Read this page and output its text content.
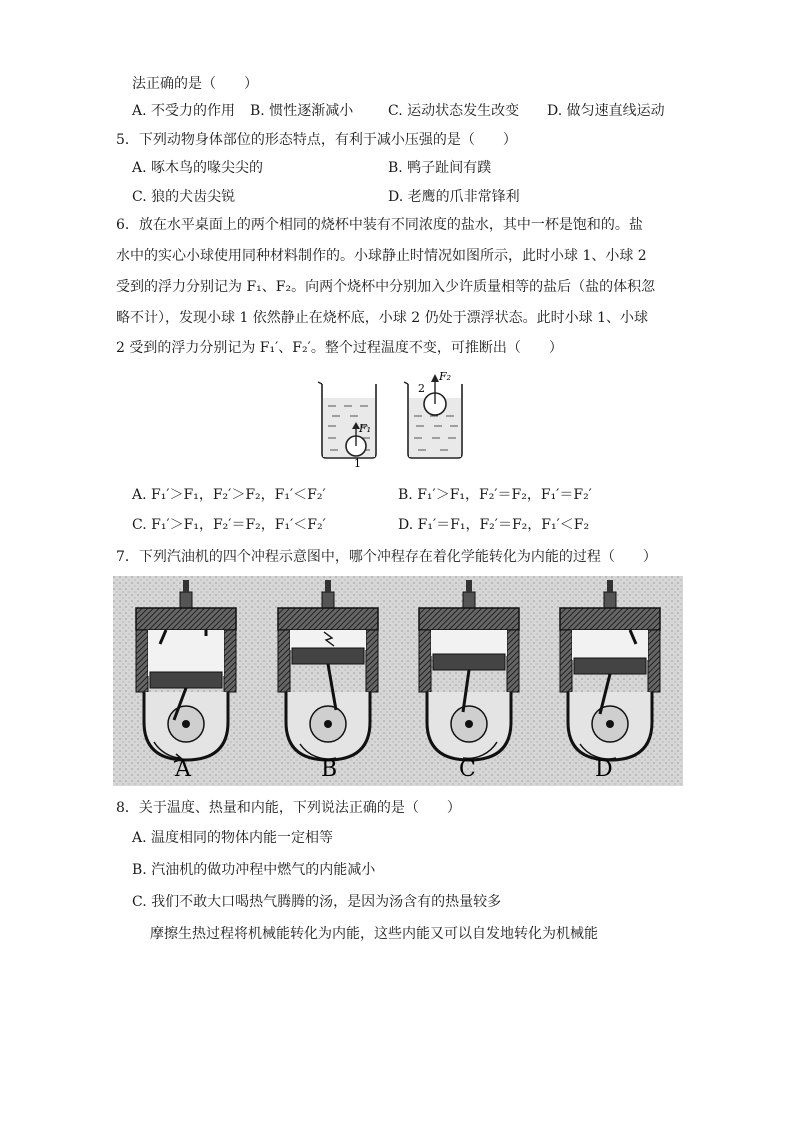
法正确的是（　　）
A. 不受力的作用 B. 惯性逐渐减小 C. 运动状态发生改变 D. 做匀速直线运动
5．下列动物身体部位的形态特点，有利于减小压强的是（　　）
A. 啄木鸟的喙尖尖的	B. 鸭子趾间有蹼
C. 狼的犬齿尖锐	D. 老鹰的爪非常锋利
6．放在水平桌面上的两个相同的烧杯中装有不同浓度的盐水，其中一杯是饱和的。盐
水中的实心小球使用同种材料制作的。小球静止时情况如图所示，此时小球 1、小球 2
受到的浮力分别记为 F₁、F₂。向两个烧杯中分别加入少许质量相等的盐后（盐的体积忽
略不计），发现小球 1 依然静止在烧杯底，小球 2 仍处于漂浮状态。此时小球 1、小球
2 受到的浮力分别记为 F₁′、F₂′。整个过程温度不变，可推断出（　　）
F₁
1
F₂
2
A. F₁′＞F₁，F₂′＞F₂，F₁′＜F₂′	B. F₁′＞F₁，F₂′＝F₂，F₁′＝F₂′
C. F₁′＞F₁，F₂′＝F₂，F₁′＜F₂′	D. F₁′＝F₁，F₂′＝F₂，F₁′＜F₂
7．下列汽油机的四个冲程示意图中，哪个冲程存在着化学能转化为内能的过程（　　）
A	B	C	D
8．关于温度、热量和内能，下列说法正确的是（　　）
A. 温度相同的物体内能一定相等
B. 汽油机的做功冲程中燃气的内能减小
C. 我们不敢大口喝热气腾腾的汤，是因为汤含有的热量较多
摩擦生热过程将机械能转化为内能，这些内能又可以自发地转化为机械能
